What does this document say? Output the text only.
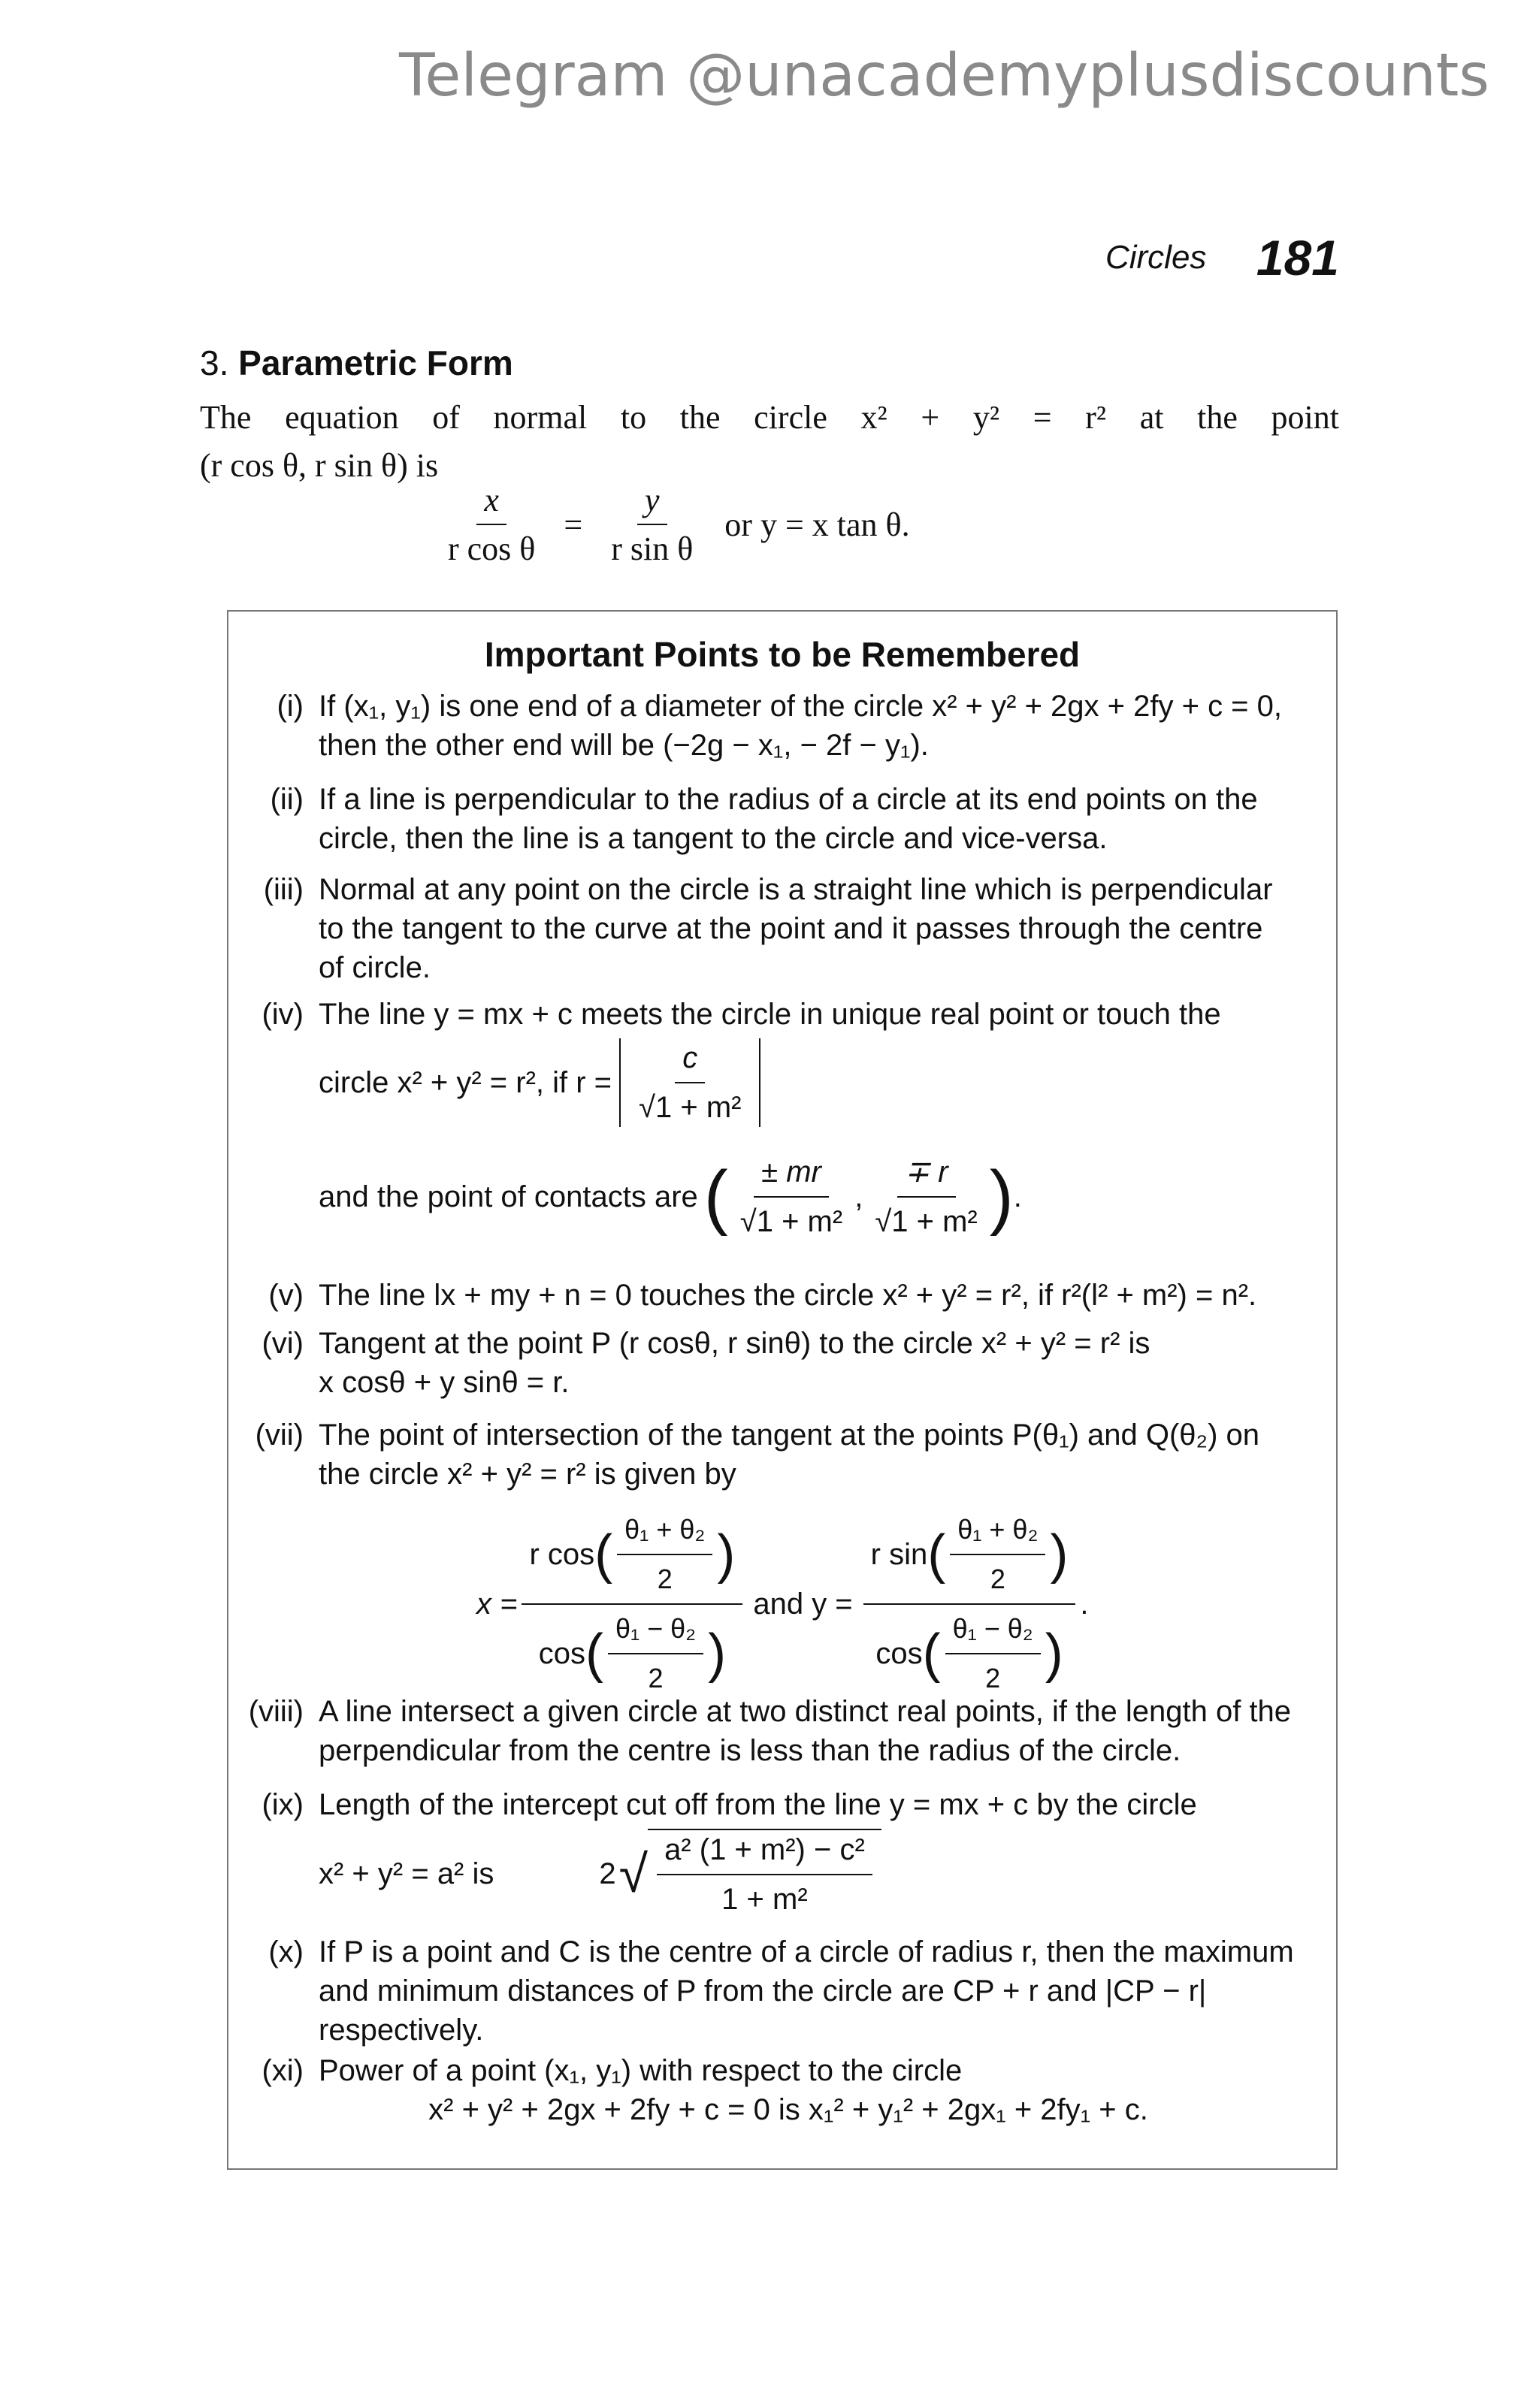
Telegram @unacademyplusdiscounts
Circles 181
3. Parametric Form
The equation of normal to the circle x² + y² = r² at the point
(r cos θ, r sin θ) is
$\frac{x}{\text{r cos θ}} = \frac{y}{\text{r sin θ}}$ or y = x tan θ.
Important Points to be Remembered
(i) If (x₁, y₁) is one end of a diameter of the circle x² + y² + 2gx + 2fy + c = 0,
then the other end will be (−2g − x₁, − 2f − y₁).
(ii) If a line is perpendicular to the radius of a circle at its end points on the
circle, then the line is a tangent to the circle and vice-versa.
(iii) Normal at any point on the circle is a straight line which is perpendicular
to the tangent to the curve at the point and it passes through the centre
of circle.
(iv) The line y = mx + c meets the circle in unique real point or touch the
circle x² + y² = r², if $r = \frac{c}{\text{√1 + m²}}$
and the point of contacts are ( $\frac{\pm mr}{\text{√1 + m²}}$ , $\frac{\mp r}{\text{√1 + m²}}$ ) .
(v) The line lx + my + n = 0 touches the circle x² + y² = r², if r²(l² + m²) = n².
(vi) Tangent at the point P (r cosθ, r sinθ) to the circle x² + y² = r² is
x cosθ + y sinθ = r.
(vii) The point of intersection of the tangent at the points P(θ₁) and Q(θ₂) on
the circle x² + y² = r² is given by
x =
r cos ( $\frac{\text{θ₁ + θ₂}}{2}$ )
cos ( $\frac{\text{θ₁ − θ₂}}{2}$ )
and y =
r sin ( $\frac{\text{θ₁ + θ₂}}{2}$ )
cos ( $\frac{\text{θ₁ − θ₂}}{2}$ )
.
(viii) A line intersect a given circle at two distinct real points, if the length of the
perpendicular from the centre is less than the radius of the circle.
(ix) Length of the intercept cut off from the line y = mx + c by the circle
x² + y² = a² is	2 √ $\frac{\text{a² (1 + m²) − c²}}{\text{1 + m²}}$
(x) If P is a point and C is the centre of a circle of radius r, then the maximum
and minimum distances of P from the circle are CP + r and |CP − r|
respectively.
(xi) Power of a point (x₁, y₁) with respect to the circle
x² + y² + 2gx + 2fy + c = 0 is x₁² + y₁² + 2gx₁ + 2fy₁ + c.
